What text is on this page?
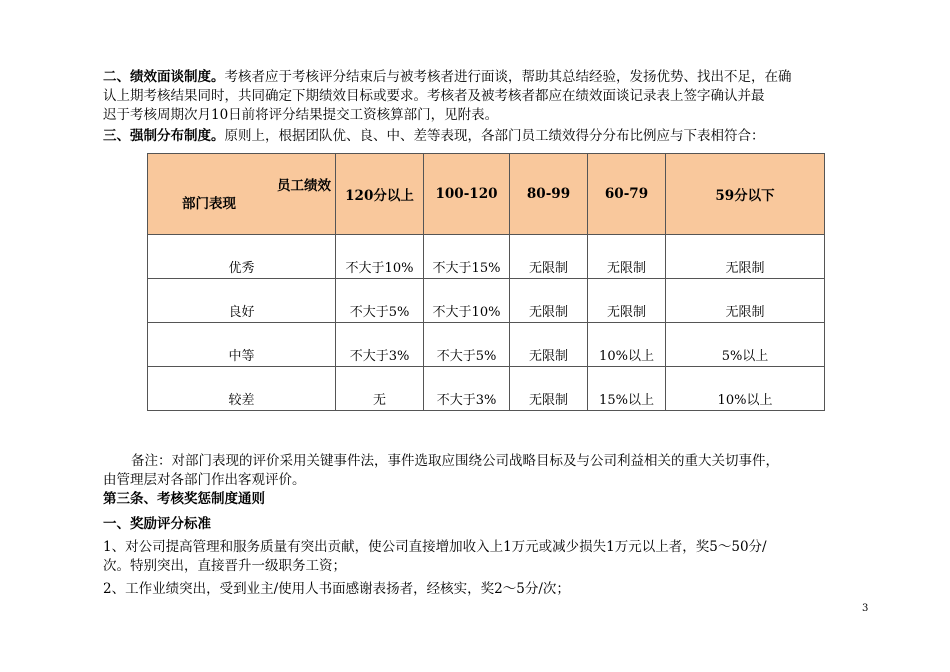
二、绩效面谈制度。考核者应于考核评分结束后与被考核者进行面谈，帮助其总结经验，发扬优势、找出不足，在确
认上期考核结果同时，共同确定下期绩效目标或要求。考核者及被考核者都应在绩效面谈记录表上签字确认并最
迟于考核周期次月10日前将评分结果提交工资核算部门，见附表。
三、强制分布制度。原则上，根据团队优、良、中、差等表现，各部门员工绩效得分分布比例应与下表相符合：
员工绩效
部门表现	120分以上	100-120	80-99	60-79	59分以下
优秀	不大于10%	不大于15%	无限制	无限制	无限制
良好	不大于5%	不大于10%	无限制	无限制	无限制
中等	不大于3%	不大于5%	无限制	10%以上	5%以上
较差	无	不大于3%	无限制	15%以上	10%以上
备注：对部门表现的评价采用关键事件法，事件选取应围绕公司战略目标及与公司利益相关的重大关切事件，
由管理层对各部门作出客观评价。
第三条、考核奖惩制度通则
一、奖励评分标准
1、对公司提高管理和服务质量有突出贡献，使公司直接增加收入上1万元或减少损失1万元以上者，奖5～50分/
次。特别突出，直接晋升一级职务工资；
2、工作业绩突出，受到业主/使用人书面感谢表扬者，经核实，奖2～5分/次；
3
